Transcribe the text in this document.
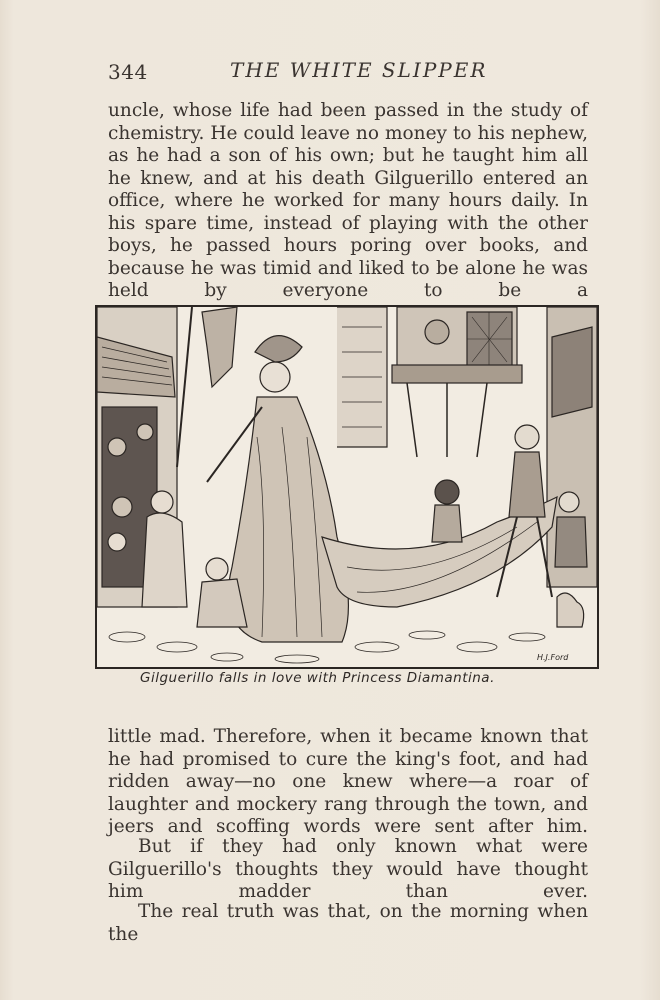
344	THE WHITE SLIPPER

uncle, whose life had been passed in the study of chemistry. He could leave no money to his nephew, as he had a son of his own; but he taught him all he knew, and at his death Gilguerillo entered an office, where he worked for many hours daily. In his spare time, instead of playing with the other boys, he passed hours poring over books, and because he was timid and liked to be alone he was held by everyone to be a

H.J.Ford
Gilguerillo falls in love with Princess Diamantina.

little mad. Therefore, when it became known that he had promised to cure the king's foot, and had ridden away—no one knew where—a roar of laughter and mockery rang through the town, and jeers and scoffing words were sent after him.

But if they had only known what were Gilguerillo's thoughts they would have thought him madder than ever.

The real truth was that, on the morning when the
